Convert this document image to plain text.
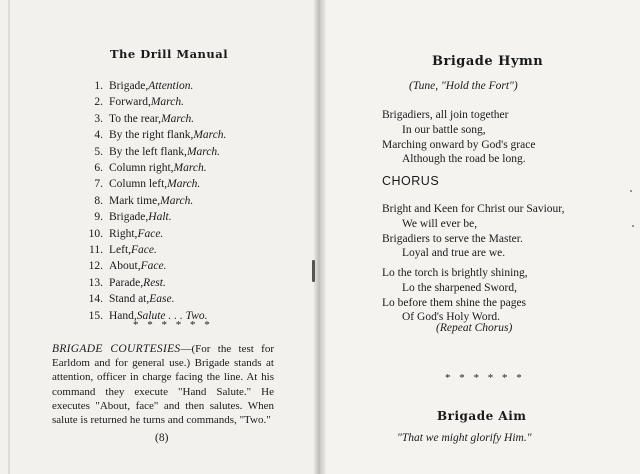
The Drill Manual
1. Brigade, Attention.
2. Forward, March.
3. To the rear, March.
4. By the right flank, March.
5. By the left flank, March.
6. Column right, March.
7. Column left, March.
8. Mark time, March.
9. Brigade, Halt.
10. Right, Face.
11. Left, Face.
12. About, Face.
13. Parade, Rest.
14. Stand at, Ease.
15. Hand, Salute . . . Two.
* * * * * *
BRIGADE COURTESIES—(For the test for Earldom and for general use.) Brigade stands at attention, officer in charge facing the line. At his command they execute "Hand Salute." He executes "About, face" and then salutes. When salute is returned he turns and commands, "Two."
(8)
Brigade Hymn
(Tune, "Hold the Fort")

Brigadiers, all join together

In our battle song,

Marching onward by God's grace

Although the road be long.

CHORUS

Bright and Keen for Christ our Saviour,

We will ever be,

Brigadiers to serve the Master.

Loyal and true are we.

Lo the torch is brightly shining,

Lo the sharpened Sword,

Lo before them shine the pages

Of God's Holy Word.

(Repeat Chorus)
* * * * * *
Brigade Aim
"That we might glorify Him."
